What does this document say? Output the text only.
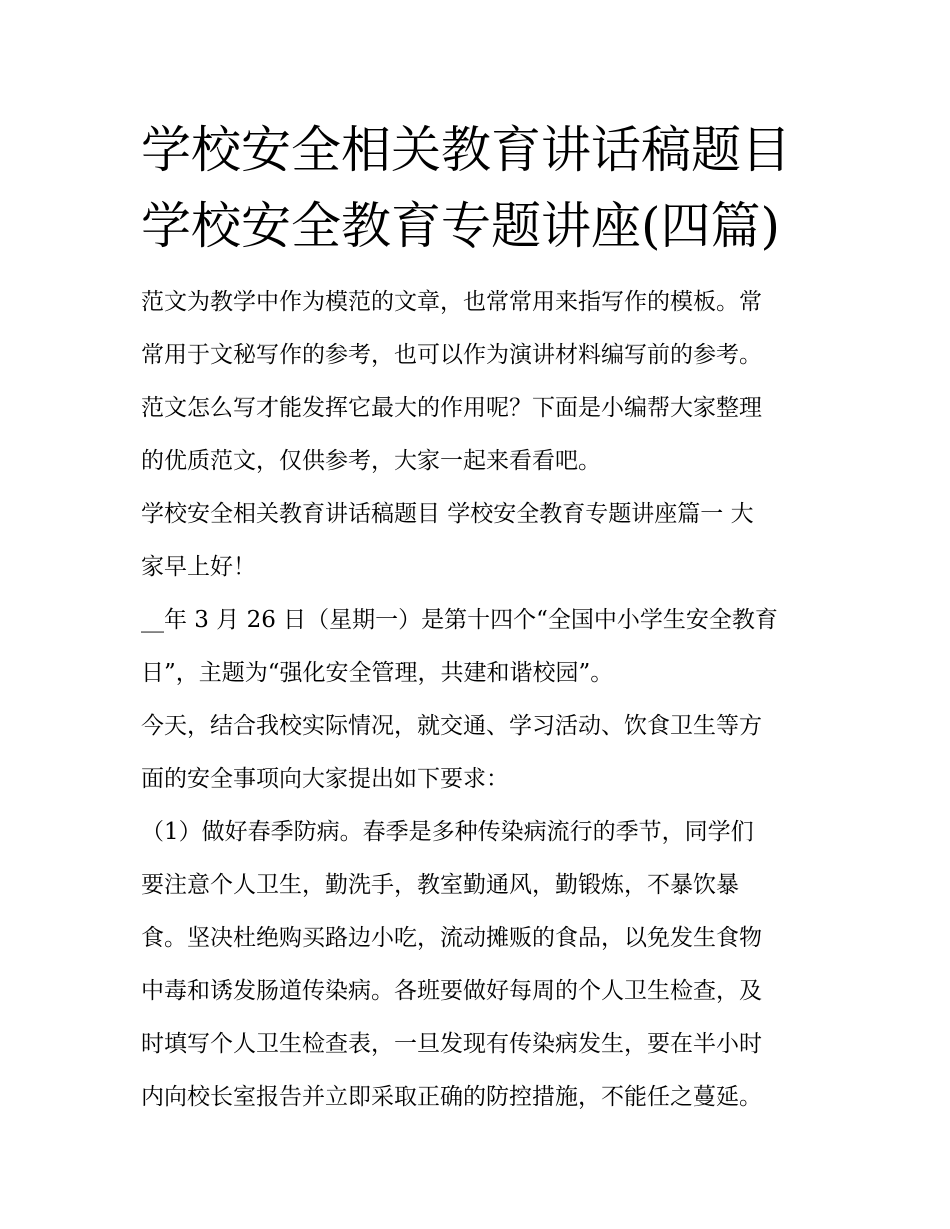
学校安全相关教育讲话稿题目
学校安全教育专题讲座(四篇)

范文为教学中作为模范的文章，也常常用来指写作的模板。常
常用于文秘写作的参考，也可以作为演讲材料编写前的参考。
范文怎么写才能发挥它最大的作用呢？下面是小编帮大家整理
的优质范文，仅供参考，大家一起来看看吧。

学校安全相关教育讲话稿题目 学校安全教育专题讲座篇一 大
家早上好！

__年 3 月 26 日（星期一）是第十四个“全国中小学生安全教育
日”，主题为“强化安全管理，共建和谐校园”。

今天，结合我校实际情况，就交通、学习活动、饮食卫生等方
面的安全事项向大家提出如下要求：

（1）做好春季防病。春季是多种传染病流行的季节，同学们
要注意个人卫生，勤洗手，教室勤通风，勤锻炼，不暴饮暴
食。坚决杜绝购买路边小吃，流动摊贩的食品，以免发生食物
中毒和诱发肠道传染病。各班要做好每周的个人卫生检查，及
时填写个人卫生检查表，一旦发现有传染病发生，要在半小时
内向校长室报告并立即采取正确的防控措施，不能任之蔓延。
